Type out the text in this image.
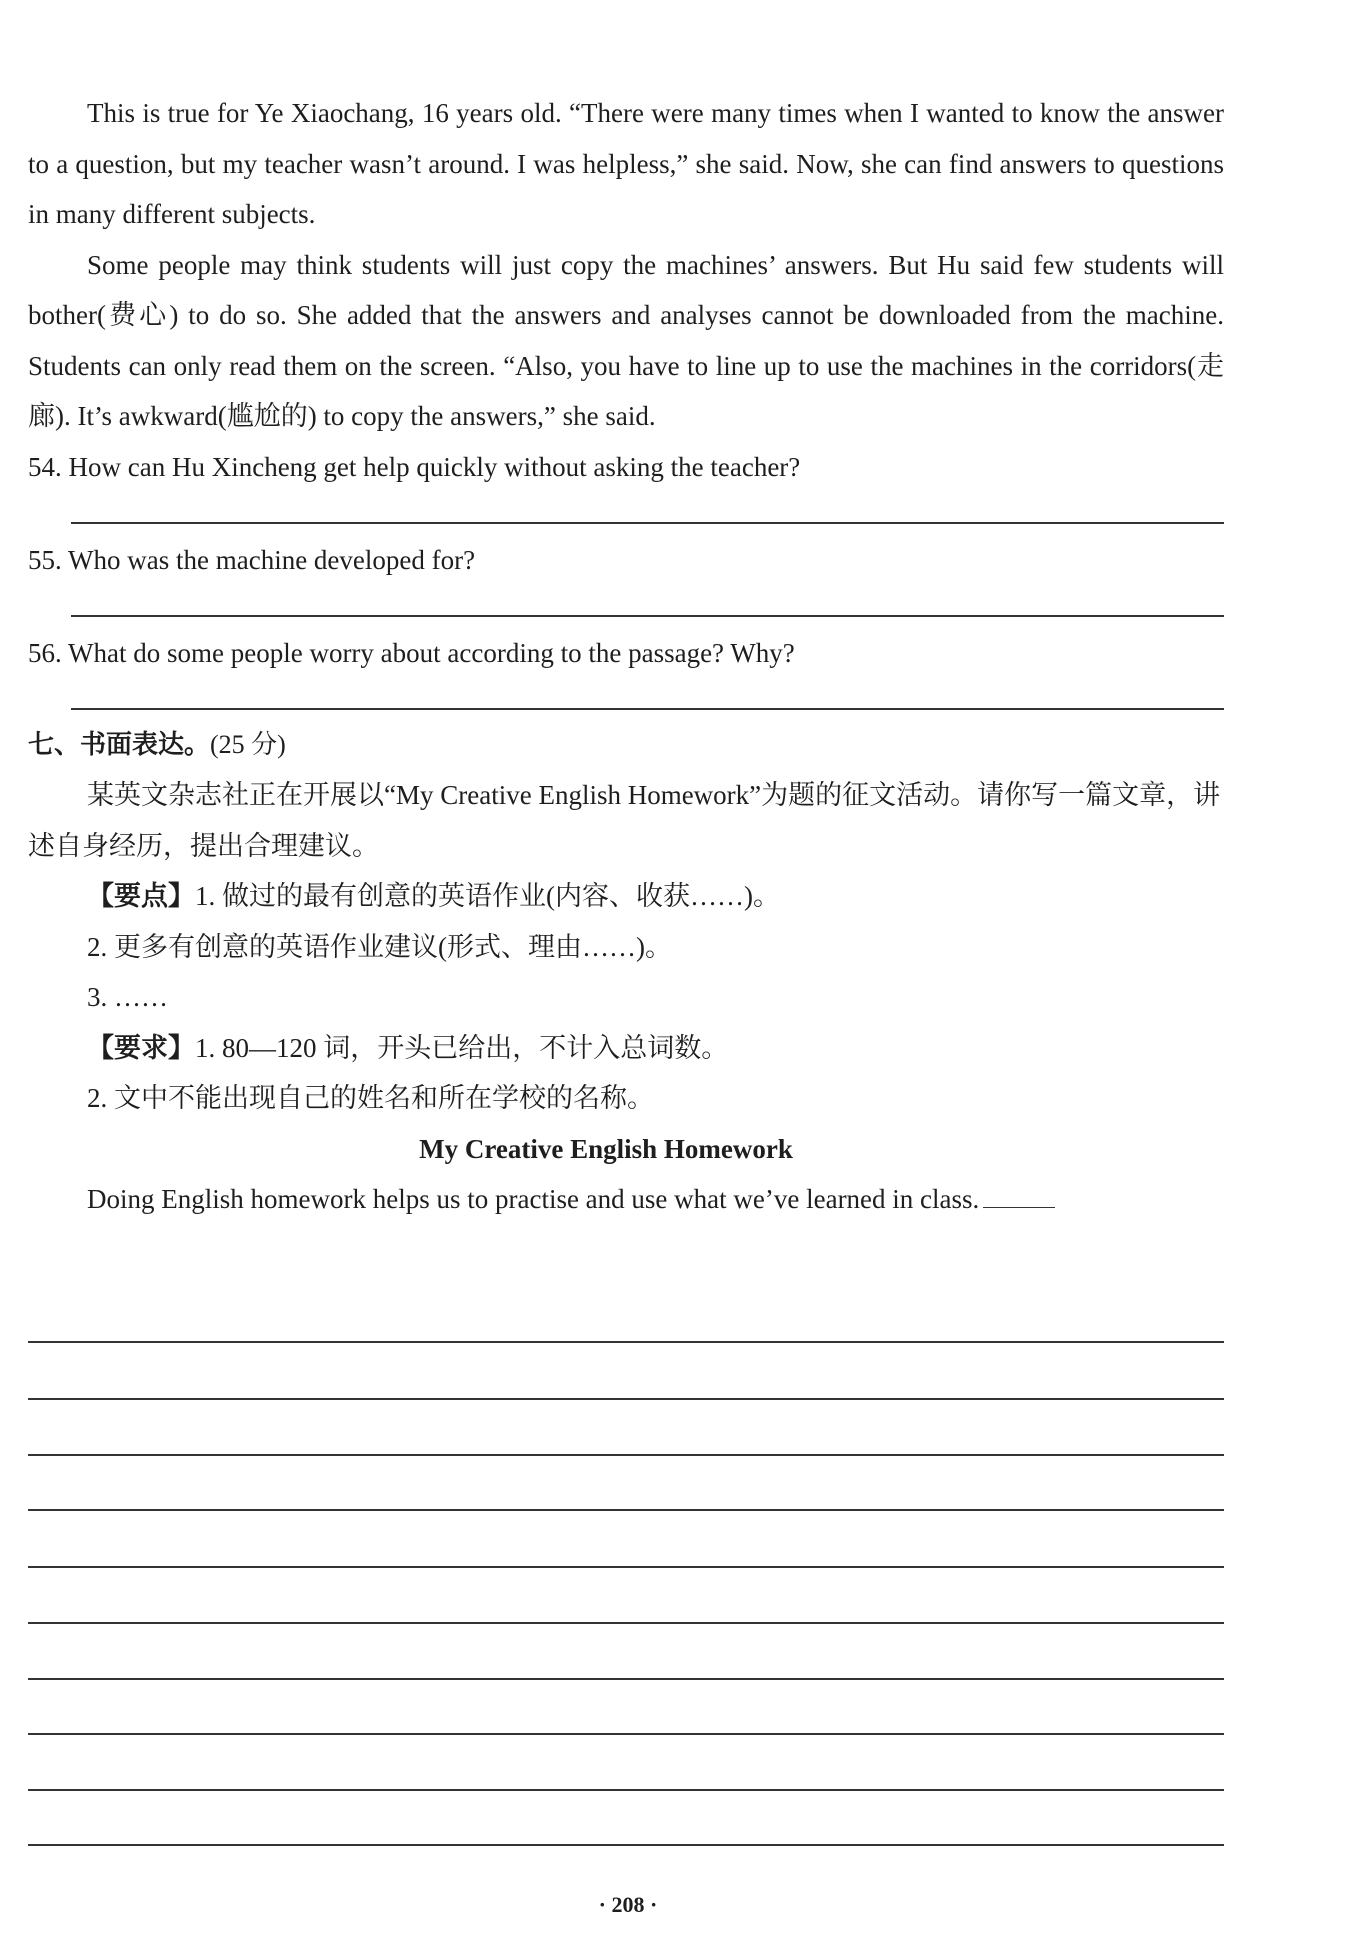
This is true for Ye Xiaochang, 16 years old. “There were many times when I wanted to know the answer to a question, but my teacher wasn’t around. I was helpless,” she said. Now, she can find answers to questions in many different subjects.

Some people may think students will just copy the machines’ answers. But Hu said few students will bother(费心) to do so. She added that the answers and analyses cannot be downloaded from the machine. Students can only read them on the screen. “Also, you have to line up to use the machines in the corridors(走廊). It’s awkward(尴尬的) to copy the answers,” she said.

54. How can Hu Xincheng get help quickly without asking the teacher?

55. Who was the machine developed for?

56. What do some people worry about according to the passage? Why?

七、书面表达。(25 分)

某英文杂志社正在开展以“My Creative English Homework”为题的征文活动。请你写一篇文章，讲述自身经历，提出合理建议。

【要点】1. 做过的最有创意的英语作业(内容、收获……)。

2. 更多有创意的英语作业建议(形式、理由……)。

3. ……

【要求】1. 80—120 词，开头已给出，不计入总词数。

2. 文中不能出现自己的姓名和所在学校的名称。

My Creative English Homework

Doing English homework helps us to practise and use what we’ve learned in class.

· 208 ·
